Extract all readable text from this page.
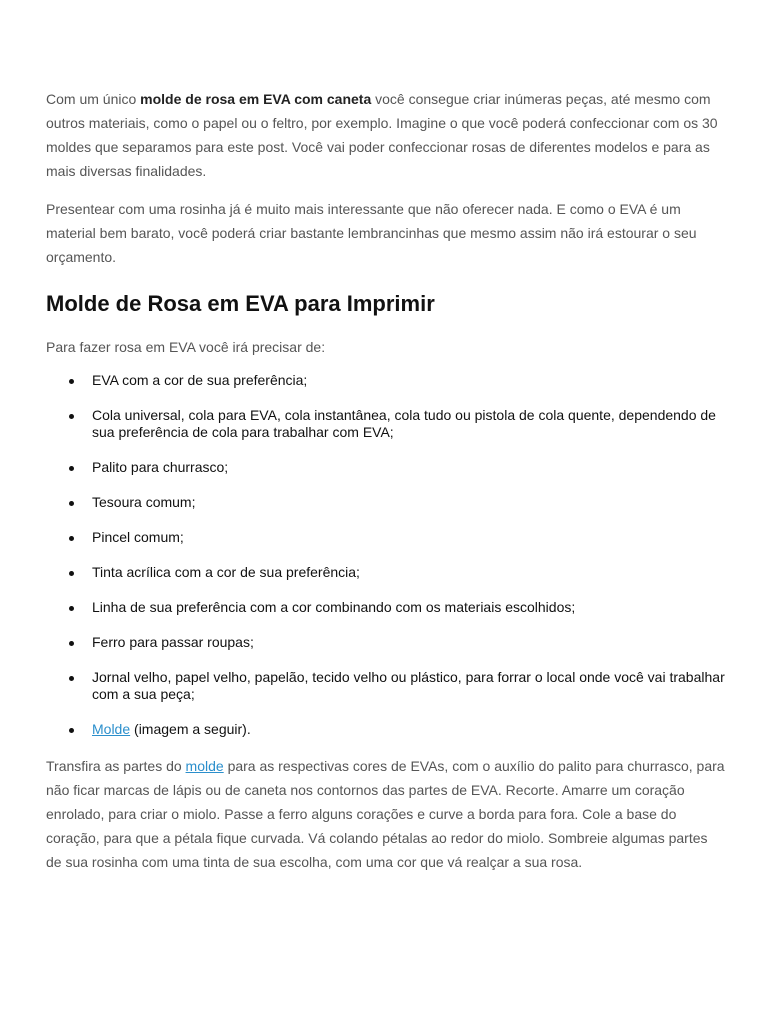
Com um único molde de rosa em EVA com caneta você consegue criar inúmeras peças, até mesmo com outros materiais, como o papel ou o feltro, por exemplo. Imagine o que você poderá confeccionar com os 30 moldes que separamos para este post. Você vai poder confeccionar rosas de diferentes modelos e para as mais diversas finalidades.

Presentear com uma rosinha já é muito mais interessante que não oferecer nada. E como o EVA é um material bem barato, você poderá criar bastante lembrancinhas que mesmo assim não irá estourar o seu orçamento.

Molde de Rosa em EVA para Imprimir

Para fazer rosa em EVA você irá precisar de:

EVA com a cor de sua preferência;
Cola universal, cola para EVA, cola instantânea, cola tudo ou pistola de cola quente, dependendo de sua preferência de cola para trabalhar com EVA;
Palito para churrasco;
Tesoura comum;
Pincel comum;
Tinta acrílica com a cor de sua preferência;
Linha de sua preferência com a cor combinando com os materiais escolhidos;
Ferro para passar roupas;
Jornal velho, papel velho, papelão, tecido velho ou plástico, para forrar o local onde você vai trabalhar com a sua peça;
Molde (imagem a seguir).

Transfira as partes do molde para as respectivas cores de EVAs, com o auxílio do palito para churrasco, para não ficar marcas de lápis ou de caneta nos contornos das partes de EVA. Recorte. Amarre um coração enrolado, para criar o miolo. Passe a ferro alguns corações e curve a borda para fora. Cole a base do coração, para que a pétala fique curvada. Vá colando pétalas ao redor do miolo. Sombreie algumas partes de sua rosinha com uma tinta de sua escolha, com uma cor que vá realçar a sua rosa.
